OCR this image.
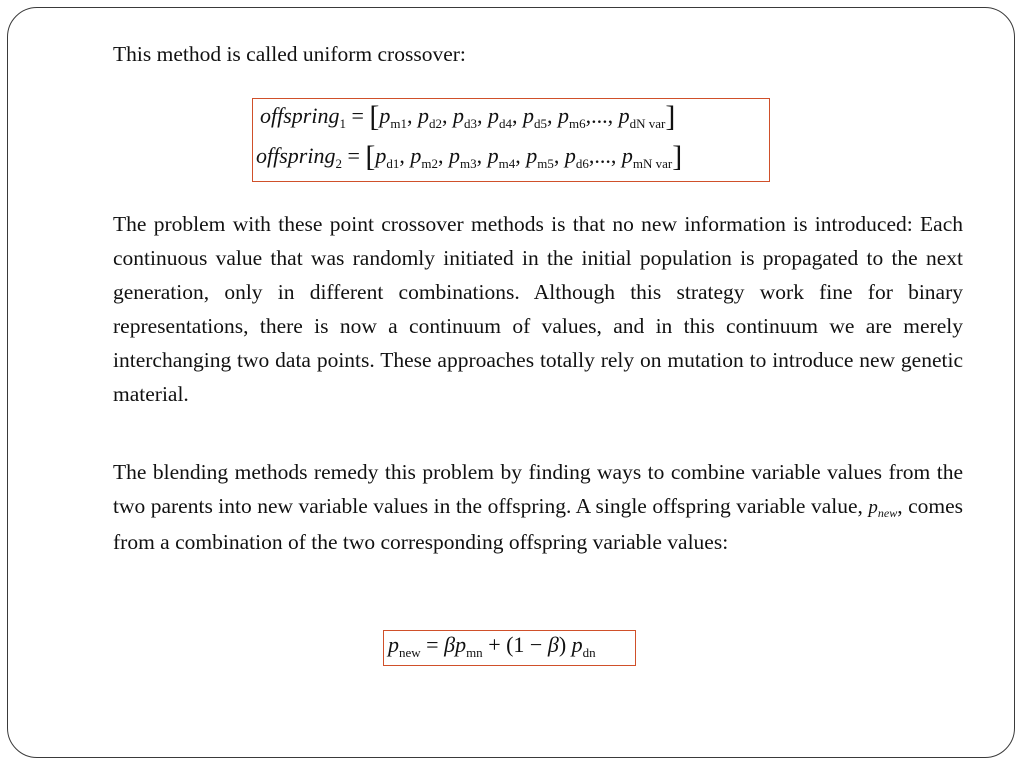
This method is called uniform crossover:

offspring$_1$ = [$p_{m1}$, $p_{d2}$, $p_{d3}$, $p_{d4}$, $p_{d5}$, $p_{m6}$,..., $p_{dN var}$]
offspring$_2$ = [$p_{d1}$, $p_{m2}$, $p_{m3}$, $p_{m4}$, $p_{m5}$, $p_{d6}$,..., $p_{mN var}$]

The problem with these point crossover methods is that no new information is introduced: Each continuous value that was randomly initiated in the initial population is propagated to the next generation, only in different combinations. Although this strategy work fine for binary representations, there is now a continuum of values, and in this continuum we are merely interchanging two data points. These approaches totally rely on mutation to introduce new genetic material.

The blending methods remedy this problem by finding ways to combine variable values from the two parents into new variable values in the offspring. A single offspring variable value, $p_{new}$, comes from a combination of the two corresponding offspring variable values:

$p_{new} = \beta p_{mn} + (1 - \beta)$ $p_{dn}$
